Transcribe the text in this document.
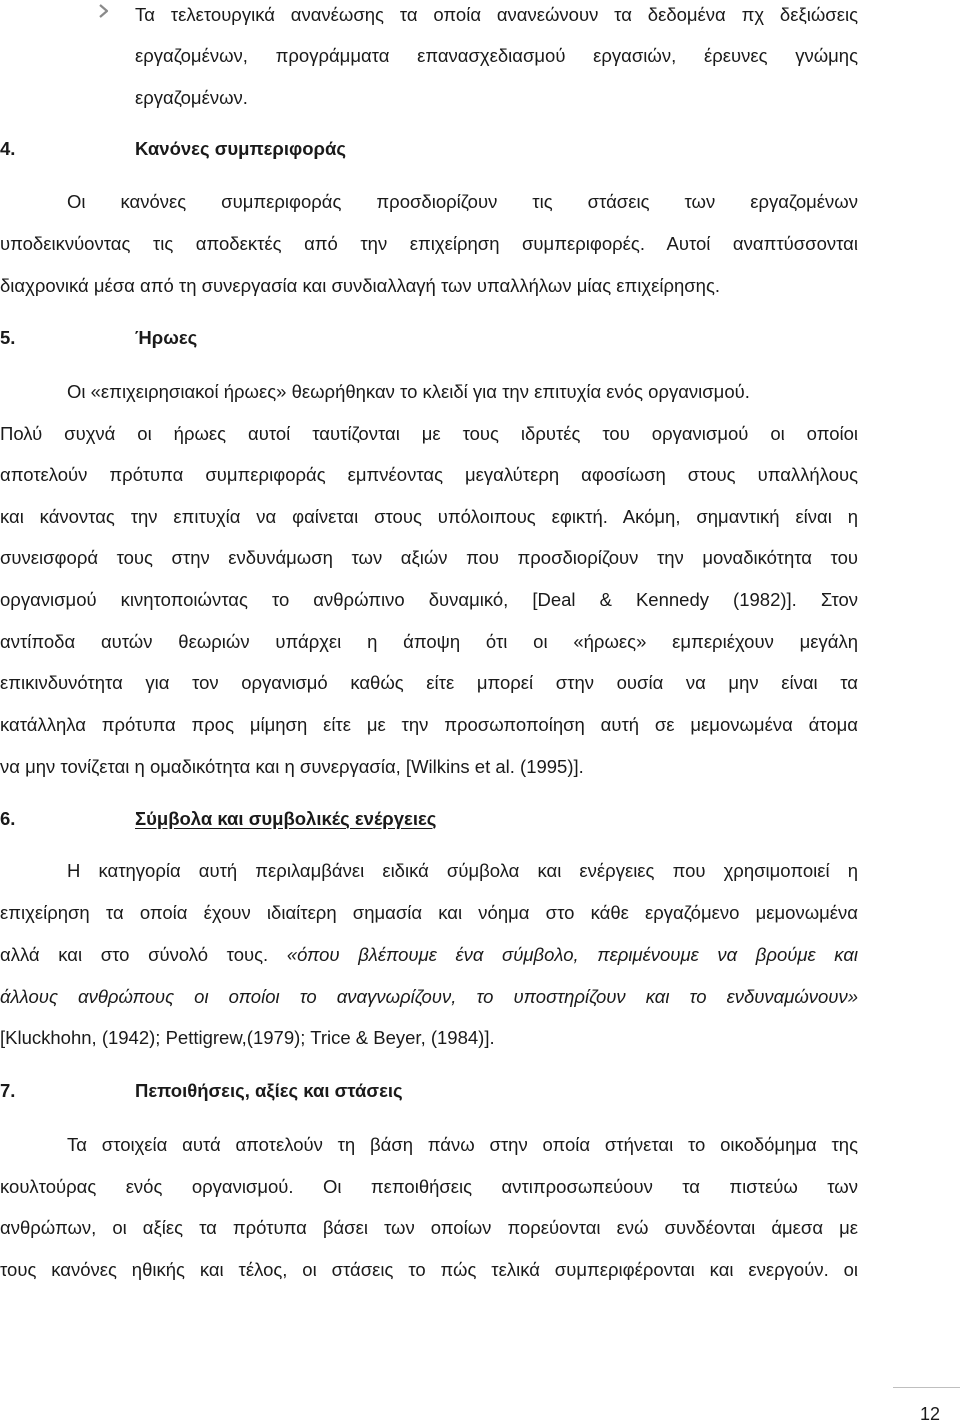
Τα τελετουργικά ανανέωσης τα οποία ανανεώνουν τα δεδομένα πχ δεξιώσεις
εργαζομένων, προγράμματα επανασχεδιασμού εργασιών, έρευνες γνώμης
εργαζομένων.
4.	Κανόνες συμπεριφοράς
Οι κανόνες συμπεριφοράς προσδιορίζουν τις στάσεις των εργαζομένων
υποδεικνύοντας τις αποδεκτές από την επιχείρηση συμπεριφορές. Αυτοί αναπτύσσονται
διαχρονικά μέσα από τη συνεργασία και συνδιαλλαγή των υπαλλήλων μίας επιχείρησης.
5.	Ήρωες
Οι «επιχειρησιακοί ήρωες» θεωρήθηκαν το κλειδί για την επιτυχία ενός οργανισμού.
Πολύ συχνά οι ήρωες αυτοί ταυτίζονται με τους ιδρυτές του οργανισμού οι οποίοι
αποτελούν πρότυπα συμπεριφοράς εμπνέοντας μεγαλύτερη αφοσίωση στους υπαλλήλους
και κάνοντας την επιτυχία να φαίνεται στους υπόλοιπους εφικτή. Ακόμη, σημαντική είναι η
συνεισφορά τους στην ενδυνάμωση των αξιών που προσδιορίζουν την μοναδικότητα του
οργανισμού κινητοποιώντας το ανθρώπινο δυναμικό, [Deal & Kennedy (1982)]. Στον
αντίποδα αυτών θεωριών υπάρχει η άποψη ότι οι «ήρωες» εμπεριέχουν μεγάλη
επικινδυνότητα για τον οργανισμό καθώς είτε μπορεί στην ουσία να μην είναι τα
κατάλληλα πρότυπα προς μίμηση είτε με την προσωποποίηση αυτή σε μεμονωμένα άτομα
να μην τονίζεται η ομαδικότητα και η συνεργασία, [Wilkins et al. (1995)].
6.	Σύμβολα και συμβολικές ενέργειες
Η κατηγορία αυτή περιλαμβάνει ειδικά σύμβολα και ενέργειες που χρησιμοποιεί η
επιχείρηση τα οποία έχουν ιδιαίτερη σημασία και νόημα στο κάθε εργαζόμενο μεμονωμένα
αλλά και στο σύνολό τους. «όπου βλέπουμε ένα σύμβολο, περιμένουμε να βρούμε και
άλλους ανθρώπους οι οποίοι το αναγνωρίζουν, το υποστηρίζουν και το ενδυναμώνουν»
[Kluckhohn, (1942); Pettigrew,(1979); Trice & Beyer, (1984)].
7.	Πεποιθήσεις, αξίες και στάσεις
Τα στοιχεία αυτά αποτελούν τη βάση πάνω στην οποία στήνεται το οικοδόμημα της
κουλτούρας ενός οργανισμού. Οι πεποιθήσεις αντιπροσωπεύουν τα πιστεύω των
ανθρώπων, οι αξίες τα πρότυπα βάσει των οποίων πορεύονται ενώ συνδέονται άμεσα με
τους κανόνες ηθικής και τέλος, οι στάσεις το πώς τελικά συμπεριφέρονται και ενεργούν. οι
12
